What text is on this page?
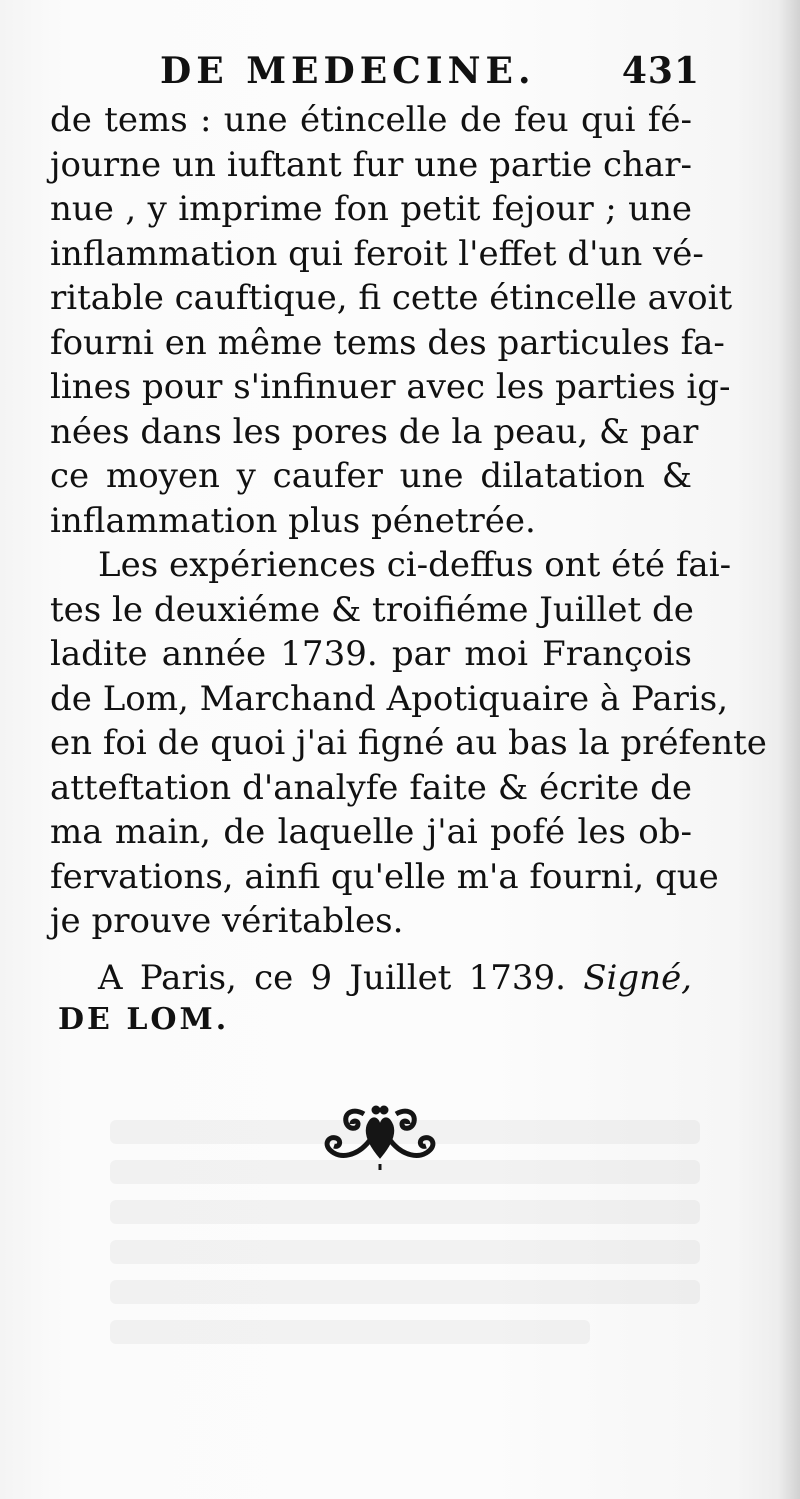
DE MEDECINE. 431
de tems : une étincelle de feu qui fé-
journe un iuftant fur une partie char-
nue , y imprime fon petit fejour ; une
inflammation qui feroit l'effet d'un vé-
ritable cauftique, fi cette étincelle avoit
fourni en même tems des particules fa-
lines pour s'infinuer avec les parties ig-
nées dans les pores de la peau, & par
ce moyen y caufer une dilatation &
inflammation plus pénetrée.
Les expériences ci-deffus ont été fai-
tes le deuxiéme & troifiéme Juillet de
ladite année 1739. par moi François
de Lom, Marchand Apotiquaire à Paris,
en foi de quoi j'ai figné au bas la préfente
atteftation d'analyfe faite & écrite de
ma main, de laquelle j'ai pofé les ob-
fervations, ainfi qu'elle m'a fourni, que
je prouve véritables.
A Paris, ce 9 Juillet 1739. Signé,
DE LOM.
